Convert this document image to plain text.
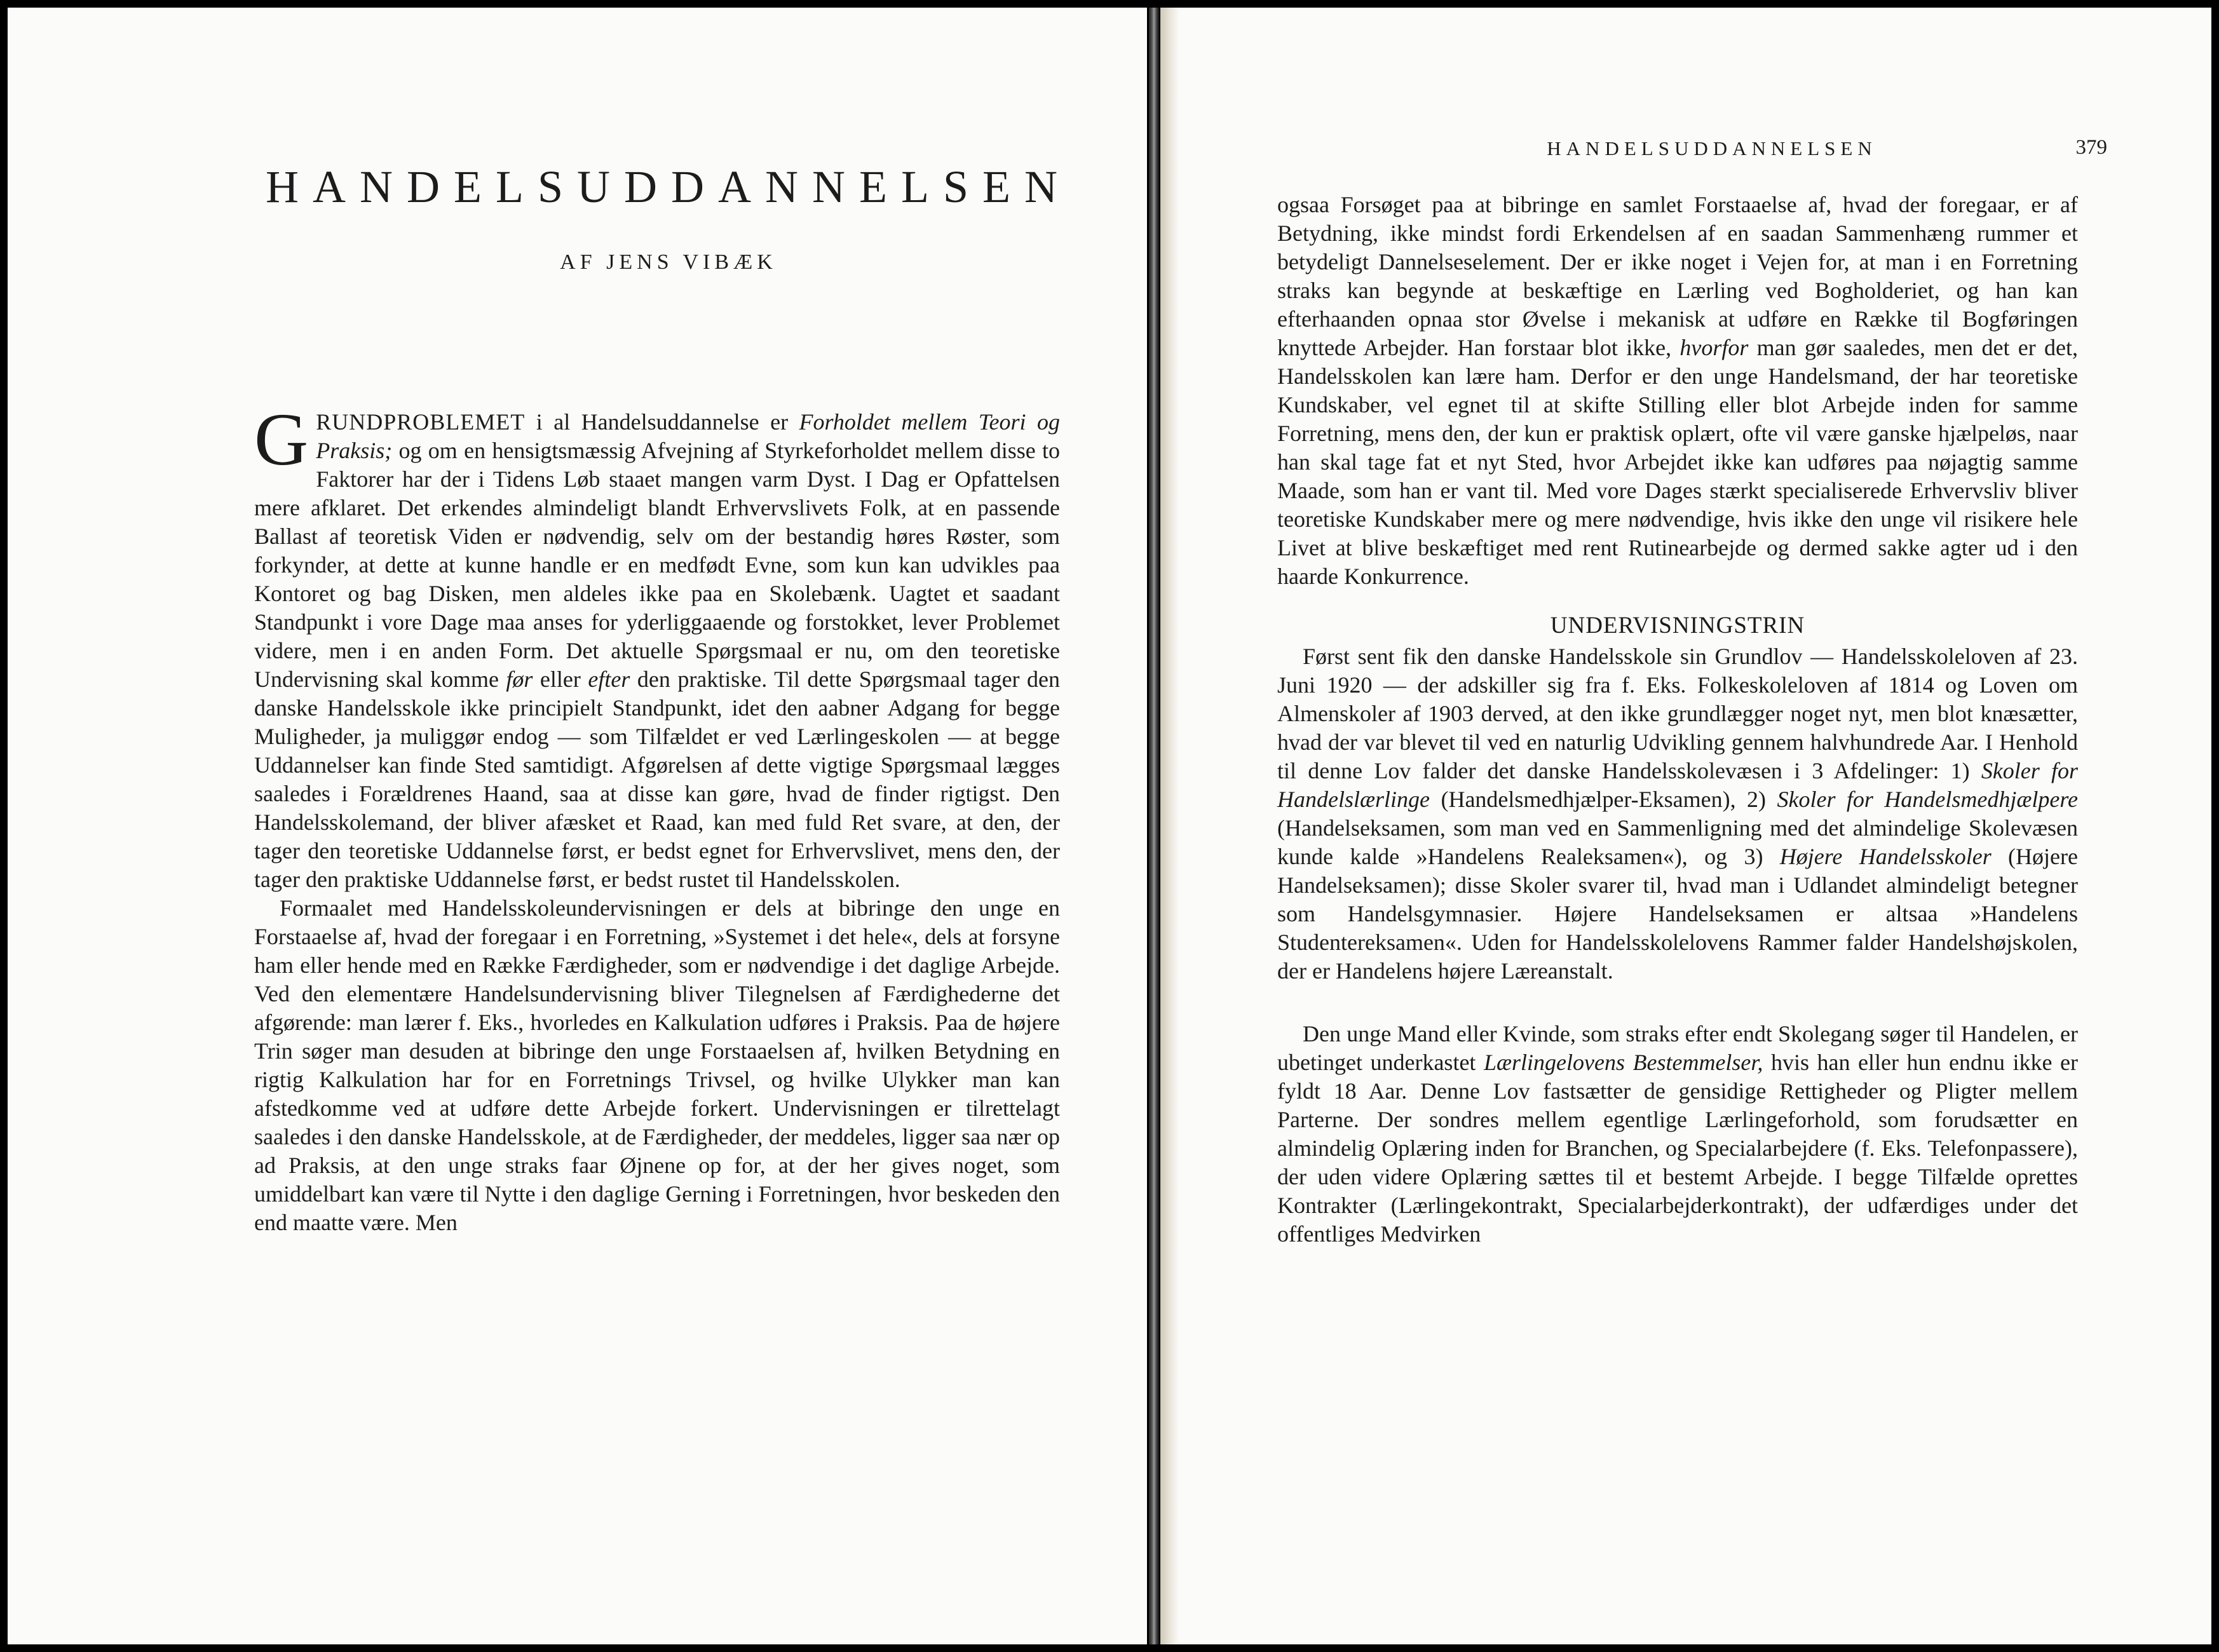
HANDELSUDDANNELSEN
AF JENS VIBÆK

GRUNDPROBLEMET i al Handelsuddannelse er Forholdet mellem Teori og Praksis; og om en hensigtsmæssig Afvejning af Styrkeforholdet mellem disse to Faktorer har der i Tidens Løb staaet mangen varm Dyst. I Dag er Opfattelsen mere afklaret. Det erkendes almindeligt blandt Erhvervslivets Folk, at en passende Ballast af teoretisk Viden er nødvendig, selv om der bestandig høres Røster, som forkynder, at dette at kunne handle er en medfødt Evne, som kun kan udvikles paa Kontoret og bag Disken, men aldeles ikke paa en Skolebænk. Uagtet et saadant Standpunkt i vore Dage maa anses for yderliggaaende og forstokket, lever Problemet videre, men i en anden Form. Det aktuelle Spørgsmaal er nu, om den teoretiske Undervisning skal komme før eller efter den praktiske. Til dette Spørgsmaal tager den danske Handelsskole ikke principielt Standpunkt, idet den aabner Adgang for begge Muligheder, ja muliggør endog — som Tilfældet er ved Lærlingeskolen — at begge Uddannelser kan finde Sted samtidigt. Afgørelsen af dette vigtige Spørgsmaal lægges saaledes i Forældrenes Haand, saa at disse kan gøre, hvad de finder rigtigst. Den Handelsskolemand, der bliver afæsket et Raad, kan med fuld Ret svare, at den, der tager den teoretiske Uddannelse først, er bedst egnet for Erhvervslivet, mens den, der tager den praktiske Uddannelse først, er bedst rustet til Handelsskolen.

Formaalet med Handelsskoleundervisningen er dels at bibringe den unge en Forstaaelse af, hvad der foregaar i en Forretning, »Systemet i det hele«, dels at forsyne ham eller hende med en Række Færdigheder, som er nødvendige i det daglige Arbejde. Ved den elementære Handelsundervisning bliver Tilegnelsen af Færdighederne det afgørende: man lærer f. Eks., hvorledes en Kalkulation udføres i Praksis. Paa de højere Trin søger man desuden at bibringe den unge Forstaaelsen af, hvilken Betydning en rigtig Kalkulation har for en Forretnings Trivsel, og hvilke Ulykker man kan afstedkomme ved at udføre dette Arbejde forkert. Undervisningen er tilrettelagt saaledes i den danske Handelsskole, at de Færdigheder, der meddeles, ligger saa nær op ad Praksis, at den unge straks faar Øjnene op for, at der her gives noget, som umiddelbart kan være til Nytte i den daglige Gerning i Forretningen, hvor beskeden den end maatte være. Men

HANDELSUDDANNELSEN	379

ogsaa Forsøget paa at bibringe en samlet Forstaaelse af, hvad der foregaar, er af Betydning, ikke mindst fordi Erkendelsen af en saadan Sammenhæng rummer et betydeligt Dannelseselement. Der er ikke noget i Vejen for, at man i en Forretning straks kan begynde at beskæftige en Lærling ved Bogholderiet, og han kan efterhaanden opnaa stor Øvelse i mekanisk at udføre en Række til Bogføringen knyttede Arbejder. Han forstaar blot ikke, hvorfor man gør saaledes, men det er det, Handelsskolen kan lære ham. Derfor er den unge Handelsmand, der har teoretiske Kundskaber, vel egnet til at skifte Stilling eller blot Arbejde inden for samme Forretning, mens den, der kun er praktisk oplært, ofte vil være ganske hjælpeløs, naar han skal tage fat et nyt Sted, hvor Arbejdet ikke kan udføres paa nøjagtig samme Maade, som han er vant til. Med vore Dages stærkt specialiserede Erhvervsliv bliver teoretiske Kundskaber mere og mere nødvendige, hvis ikke den unge vil risikere hele Livet at blive beskæftiget med rent Rutinearbejde og dermed sakke agter ud i den haarde Konkurrence.

UNDERVISNINGSTRIN

Først sent fik den danske Handelsskole sin Grundlov — Handelsskoleloven af 23. Juni 1920 — der adskiller sig fra f. Eks. Folkeskoleloven af 1814 og Loven om Almenskoler af 1903 derved, at den ikke grundlægger noget nyt, men blot knæsætter, hvad der var blevet til ved en naturlig Udvikling gennem halvhundrede Aar. I Henhold til denne Lov falder det danske Handelsskolevæsen i 3 Afdelinger: 1) Skoler for Handelslærlinge (Handelsmedhjælper-Eksamen), 2) Skoler for Handelsmedhjælpere (Handelseksamen, som man ved en Sammenligning med det almindelige Skolevæsen kunde kalde »Handelens Realeksamen«), og 3) Højere Handelsskoler (Højere Handelseksamen); disse Skoler svarer til, hvad man i Udlandet almindeligt betegner som Handelsgymnasier. Højere Handelseksamen er altsaa »Handelens Studentereksamen«. Uden for Handelsskolelovens Rammer falder Handelshøjskolen, der er Handelens højere Læreanstalt.

Den unge Mand eller Kvinde, som straks efter endt Skolegang søger til Handelen, er ubetinget underkastet Lærlingelovens Bestemmelser, hvis han eller hun endnu ikke er fyldt 18 Aar. Denne Lov fastsætter de gensidige Rettigheder og Pligter mellem Parterne. Der sondres mellem egentlige Lærlingeforhold, som forudsætter en almindelig Oplæring inden for Branchen, og Specialarbejdere (f. Eks. Telefonpassere), der uden videre Oplæring sættes til et bestemt Arbejde. I begge Tilfælde oprettes Kontrakter (Lærlingekontrakt, Specialarbejderkontrakt), der udfærdiges under det offentliges Medvirken
